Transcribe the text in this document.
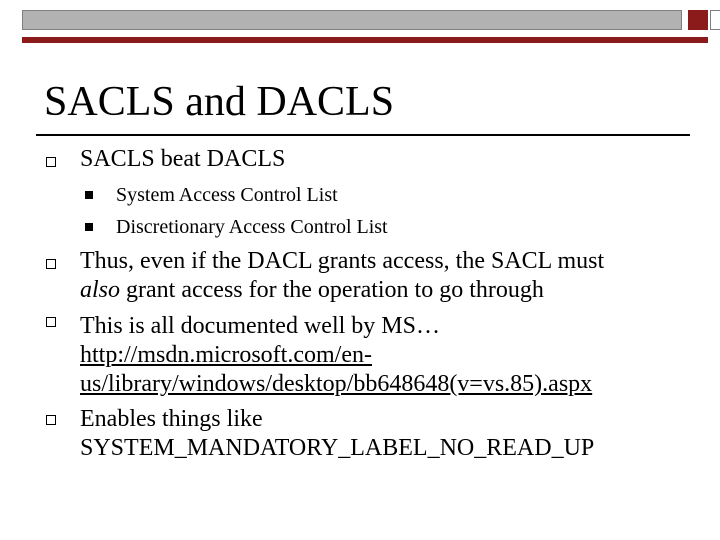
SACLS and DACLS
SACLS beat DACLS
System Access Control List
Discretionary Access Control List
Thus, even if the DACL grants access, the SACL must
also grant access for the operation to go through
This is all documented well by MS…
http://msdn.microsoft.com/en-
us/library/windows/desktop/bb648648(v=vs.85).aspx
Enables things like
SYSTEM_MANDATORY_LABEL_NO_READ_UP
